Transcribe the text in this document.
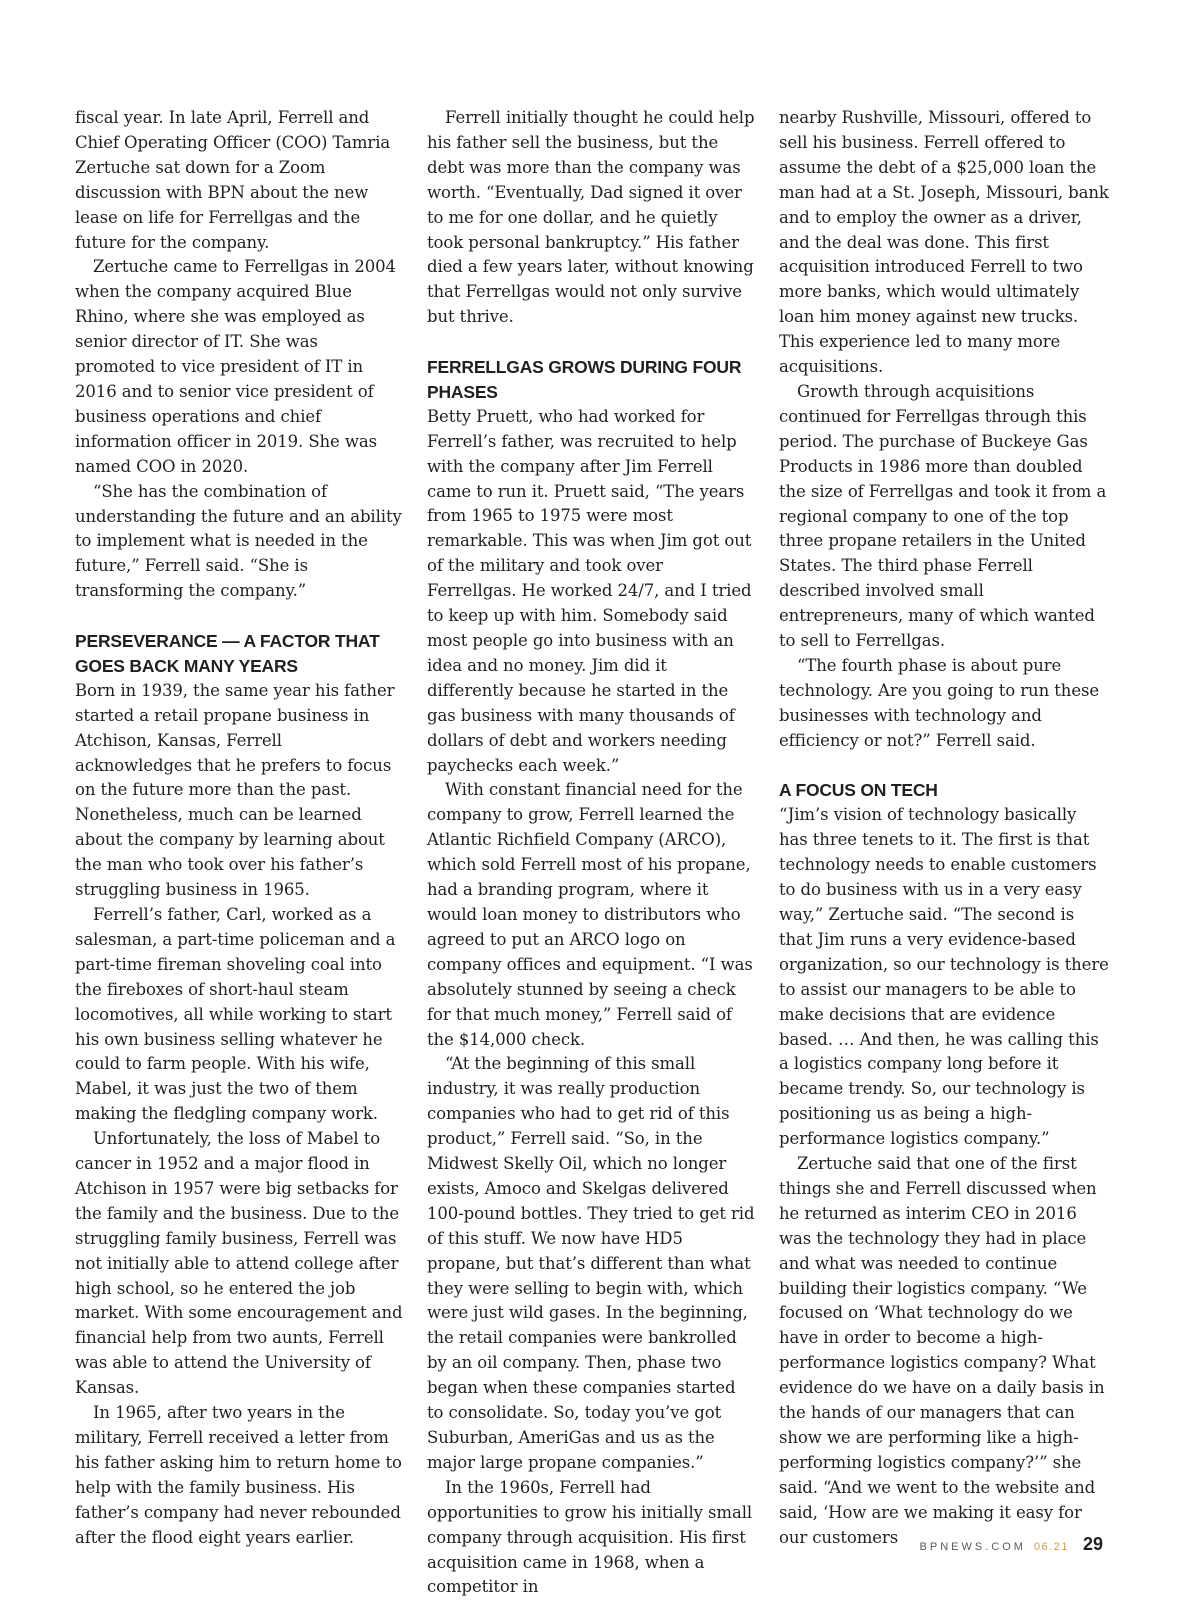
fiscal year. In late April, Ferrell and Chief Operating Officer (COO) Tamria Zertuche sat down for a Zoom discussion with BPN about the new lease on life for Ferrellgas and the future for the company.

Zertuche came to Ferrellgas in 2004 when the company acquired Blue Rhino, where she was employed as senior director of IT. She was promoted to vice president of IT in 2016 and to senior vice president of business operations and chief information officer in 2019. She was named COO in 2020.

“She has the combination of understanding the future and an ability to implement what is needed in the future,” Ferrell said. “She is transforming the company.”

PERSEVERANCE — A FACTOR THAT GOES BACK MANY YEARS

Born in 1939, the same year his father started a retail propane business in Atchison, Kansas, Ferrell acknowledges that he prefers to focus on the future more than the past. Nonetheless, much can be learned about the company by learning about the man who took over his father’s struggling business in 1965.

Ferrell’s father, Carl, worked as a salesman, a part-time policeman and a part-time fireman shoveling coal into the fireboxes of short-haul steam locomotives, all while working to start his own business selling whatever he could to farm people. With his wife, Mabel, it was just the two of them making the fledgling company work.

Unfortunately, the loss of Mabel to cancer in 1952 and a major flood in Atchison in 1957 were big setbacks for the family and the business. Due to the struggling family business, Ferrell was not initially able to attend college after high school, so he entered the job market. With some encouragement and financial help from two aunts, Ferrell was able to attend the University of Kansas.

In 1965, after two years in the military, Ferrell received a letter from his father asking him to return home to help with the family business. His father’s company had never rebounded after the flood eight years earlier.

Ferrell initially thought he could help his father sell the business, but the debt was more than the company was worth. “Eventually, Dad signed it over to me for one dollar, and he quietly took personal bankruptcy.” His father died a few years later, without knowing that Ferrellgas would not only survive but thrive.

FERRELLGAS GROWS DURING FOUR PHASES

Betty Pruett, who had worked for Ferrell’s father, was recruited to help with the company after Jim Ferrell came to run it. Pruett said, “The years from 1965 to 1975 were most remarkable. This was when Jim got out of the military and took over Ferrellgas. He worked 24/7, and I tried to keep up with him. Somebody said most people go into business with an idea and no money. Jim did it differently because he started in the gas business with many thousands of dollars of debt and workers needing paychecks each week.”

With constant financial need for the company to grow, Ferrell learned the Atlantic Richfield Company (ARCO), which sold Ferrell most of his propane, had a branding program, where it would loan money to distributors who agreed to put an ARCO logo on company offices and equipment. “I was absolutely stunned by seeing a check for that much money,” Ferrell said of the $14,000 check.

“At the beginning of this small industry, it was really production companies who had to get rid of this product,” Ferrell said. “So, in the Midwest Skelly Oil, which no longer exists, Amoco and Skelgas delivered 100-pound bottles. They tried to get rid of this stuff. We now have HD5 propane, but that’s different than what they were selling to begin with, which were just wild gases. In the beginning, the retail companies were bankrolled by an oil company. Then, phase two began when these companies started to consolidate. So, today you’ve got Suburban, AmeriGas and us as the major large propane companies.”

In the 1960s, Ferrell had opportunities to grow his initially small company through acquisition. His first acquisition came in 1968, when a competitor in

nearby Rushville, Missouri, offered to sell his business. Ferrell offered to assume the debt of a $25,000 loan the man had at a St. Joseph, Missouri, bank and to employ the owner as a driver, and the deal was done. This first acquisition introduced Ferrell to two more banks, which would ultimately loan him money against new trucks. This experience led to many more acquisitions.

Growth through acquisitions continued for Ferrellgas through this period. The purchase of Buckeye Gas Products in 1986 more than doubled the size of Ferrellgas and took it from a regional company to one of the top three propane retailers in the United States. The third phase Ferrell described involved small entrepreneurs, many of which wanted to sell to Ferrellgas.

“The fourth phase is about pure technology. Are you going to run these businesses with technology and efficiency or not?” Ferrell said.

A FOCUS ON TECH

“Jim’s vision of technology basically has three tenets to it. The first is that technology needs to enable customers to do business with us in a very easy way,” Zertuche said. “The second is that Jim runs a very evidence-based organization, so our technology is there to assist our managers to be able to make decisions that are evidence based. … And then, he was calling this a logistics company long before it became trendy. So, our technology is positioning us as being a high-performance logistics company.”

Zertuche said that one of the first things she and Ferrell discussed when he returned as interim CEO in 2016 was the technology they had in place and what was needed to continue building their logistics company. “We focused on ‘What technology do we have in order to become a high-performance logistics company? What evidence do we have on a daily basis in the hands of our managers that can show we are performing like a high-performing logistics company?’” she said. “And we went to the website and said, ‘How are we making it easy for our customers

BPNEWS.COM 06.21 29
